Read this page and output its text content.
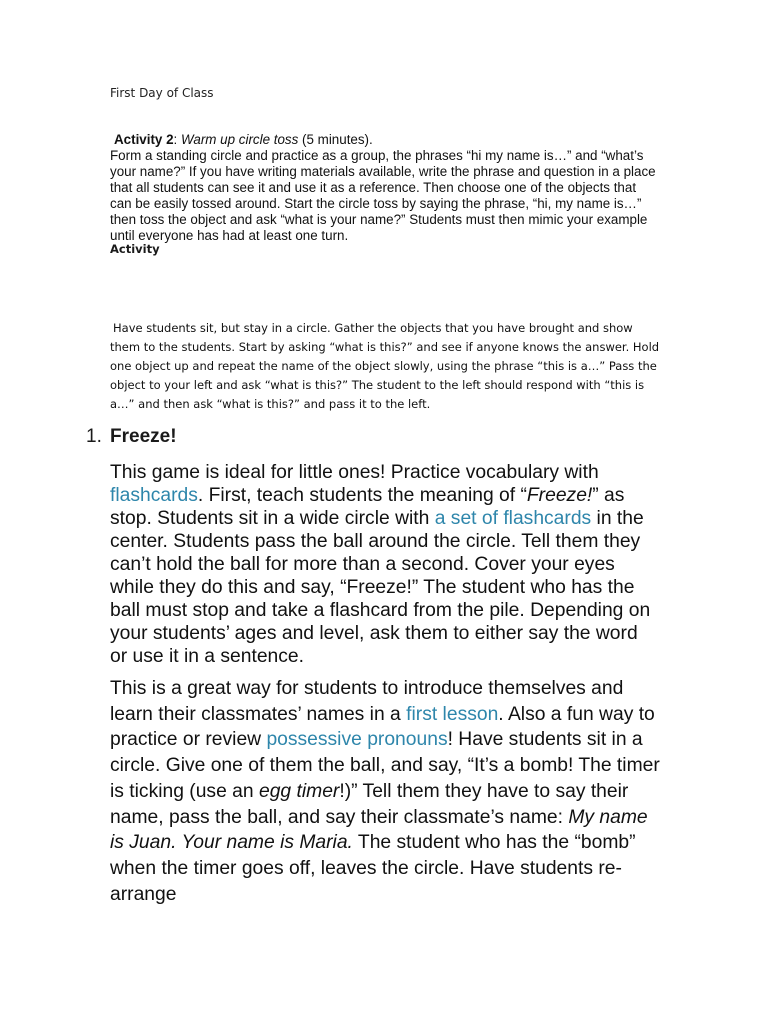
First Day of Class

Activity 2: Warm up circle toss (5 minutes).
Form a standing circle and practice as a group, the phrases “hi my name is…” and “what’s your name?” If you have writing materials available, write the phrase and question in a place that all students can see it and use it as a reference. Then choose one of the objects that can be easily tossed around. Start the circle toss by saying the phrase, “hi, my name is…” then toss the object and ask “what is your name?” Students must then mimic your example until everyone has had at least one turn.

Activity

Have students sit, but stay in a circle. Gather the objects that you have brought and show them to the students. Start by asking “what is this?” and see if anyone knows the answer. Hold one object up and repeat the name of the object slowly, using the phrase “this is a…” Pass the object to your left and ask “what is this?” The student to the left should respond with “this is a…” and then ask “what is this?” and pass it to the left.

1. Freeze!

This game is ideal for little ones! Practice vocabulary with flashcards. First, teach students the meaning of “Freeze!” as stop. Students sit in a wide circle with a set of flashcards in the center. Students pass the ball around the circle. Tell them they can’t hold the ball for more than a second. Cover your eyes while they do this and say, “Freeze!” The student who has the ball must stop and take a flashcard from the pile. Depending on your students’ ages and level, ask them to either say the word or use it in a sentence.

This is a great way for students to introduce themselves and learn their classmates’ names in a first lesson. Also a fun way to practice or review possessive pronouns! Have students sit in a circle. Give one of them the ball, and say, “It’s a bomb! The timer is ticking (use an egg timer!)” Tell them they have to say their name, pass the ball, and say their classmate’s name: My name is Juan. Your name is Maria. The student who has the “bomb” when the timer goes off, leaves the circle. Have students re-arrange
